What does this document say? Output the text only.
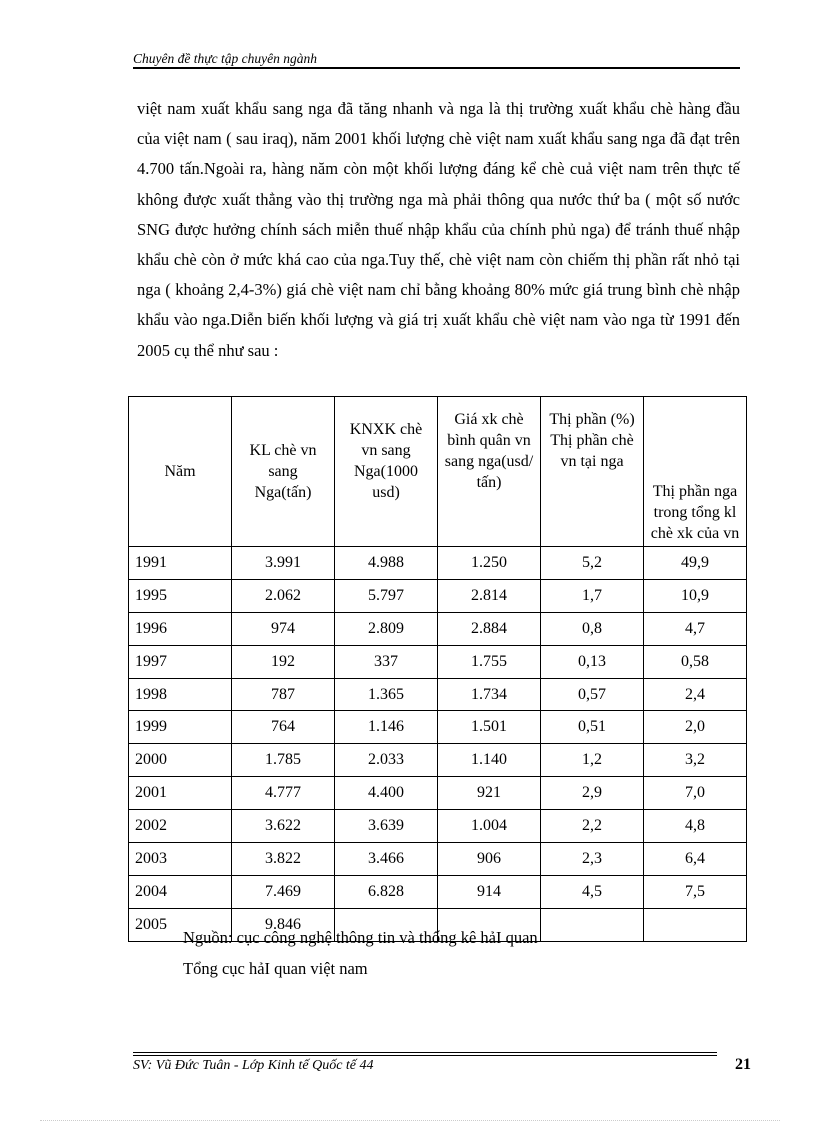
Chuyên đề thực tập chuyên ngành

việt nam xuất khẩu sang nga đã tăng nhanh và nga là thị trường xuất khẩu chè hàng đầu của việt nam ( sau iraq), năm 2001 khối lượng chè việt nam xuất khẩu sang nga đã đạt trên 4.700 tấn.Ngoài ra, hàng năm còn một khối lượng đáng kể chè cuả việt nam trên thực tế không được xuất thẳng vào thị trường nga mà phải thông qua nước thứ ba ( một số nước SNG được hưởng chính sách miễn thuế nhập khẩu của chính phủ nga) để tránh thuế nhập khẩu chè còn ở mức khá cao của nga.Tuy thế, chè việt nam còn chiếm thị phần rất nhỏ tại nga ( khoảng 2,4-3%) giá chè việt nam chỉ bằng khoảng 80% mức giá trung bình chè nhập khẩu vào nga.Diễn biến khối lượng và giá trị xuất khẩu chè việt nam vào nga từ 1991 đến 2005 cụ thể như sau :

Năm	KL chè vn sang Nga(tấn)	KNXK chè vn sang Nga(1000 usd)	Giá xk chè bình quân vn sang nga(usd/ tấn)	Thị phần (%) Thị phần chè vn tại nga	Thị phần nga trong tổng kl chè xk của vn
1991	3.991	4.988	1.250	5,2	49,9
1995	2.062	5.797	2.814	1,7	10,9
1996	974	2.809	2.884	0,8	4,7
1997	192	337	1.755	0,13	0,58
1998	787	1.365	1.734	0,57	2,4
1999	764	1.146	1.501	0,51	2,0
2000	1.785	2.033	1.140	1,2	3,2
2001	4.777	4.400	921	2,9	7,0
2002	3.622	3.639	1.004	2,2	4,8
2003	3.822	3.466	906	2,3	6,4
2004	7.469	6.828	914	4,5	7,5
2005	9.846				
Nguồn: cục công nghệ thông tin và thống kê hảI quan
Tổng cục hảI quan việt nam
SV: Vũ Đức Tuân - Lớp Kinh tế Quốc tế 44	21
